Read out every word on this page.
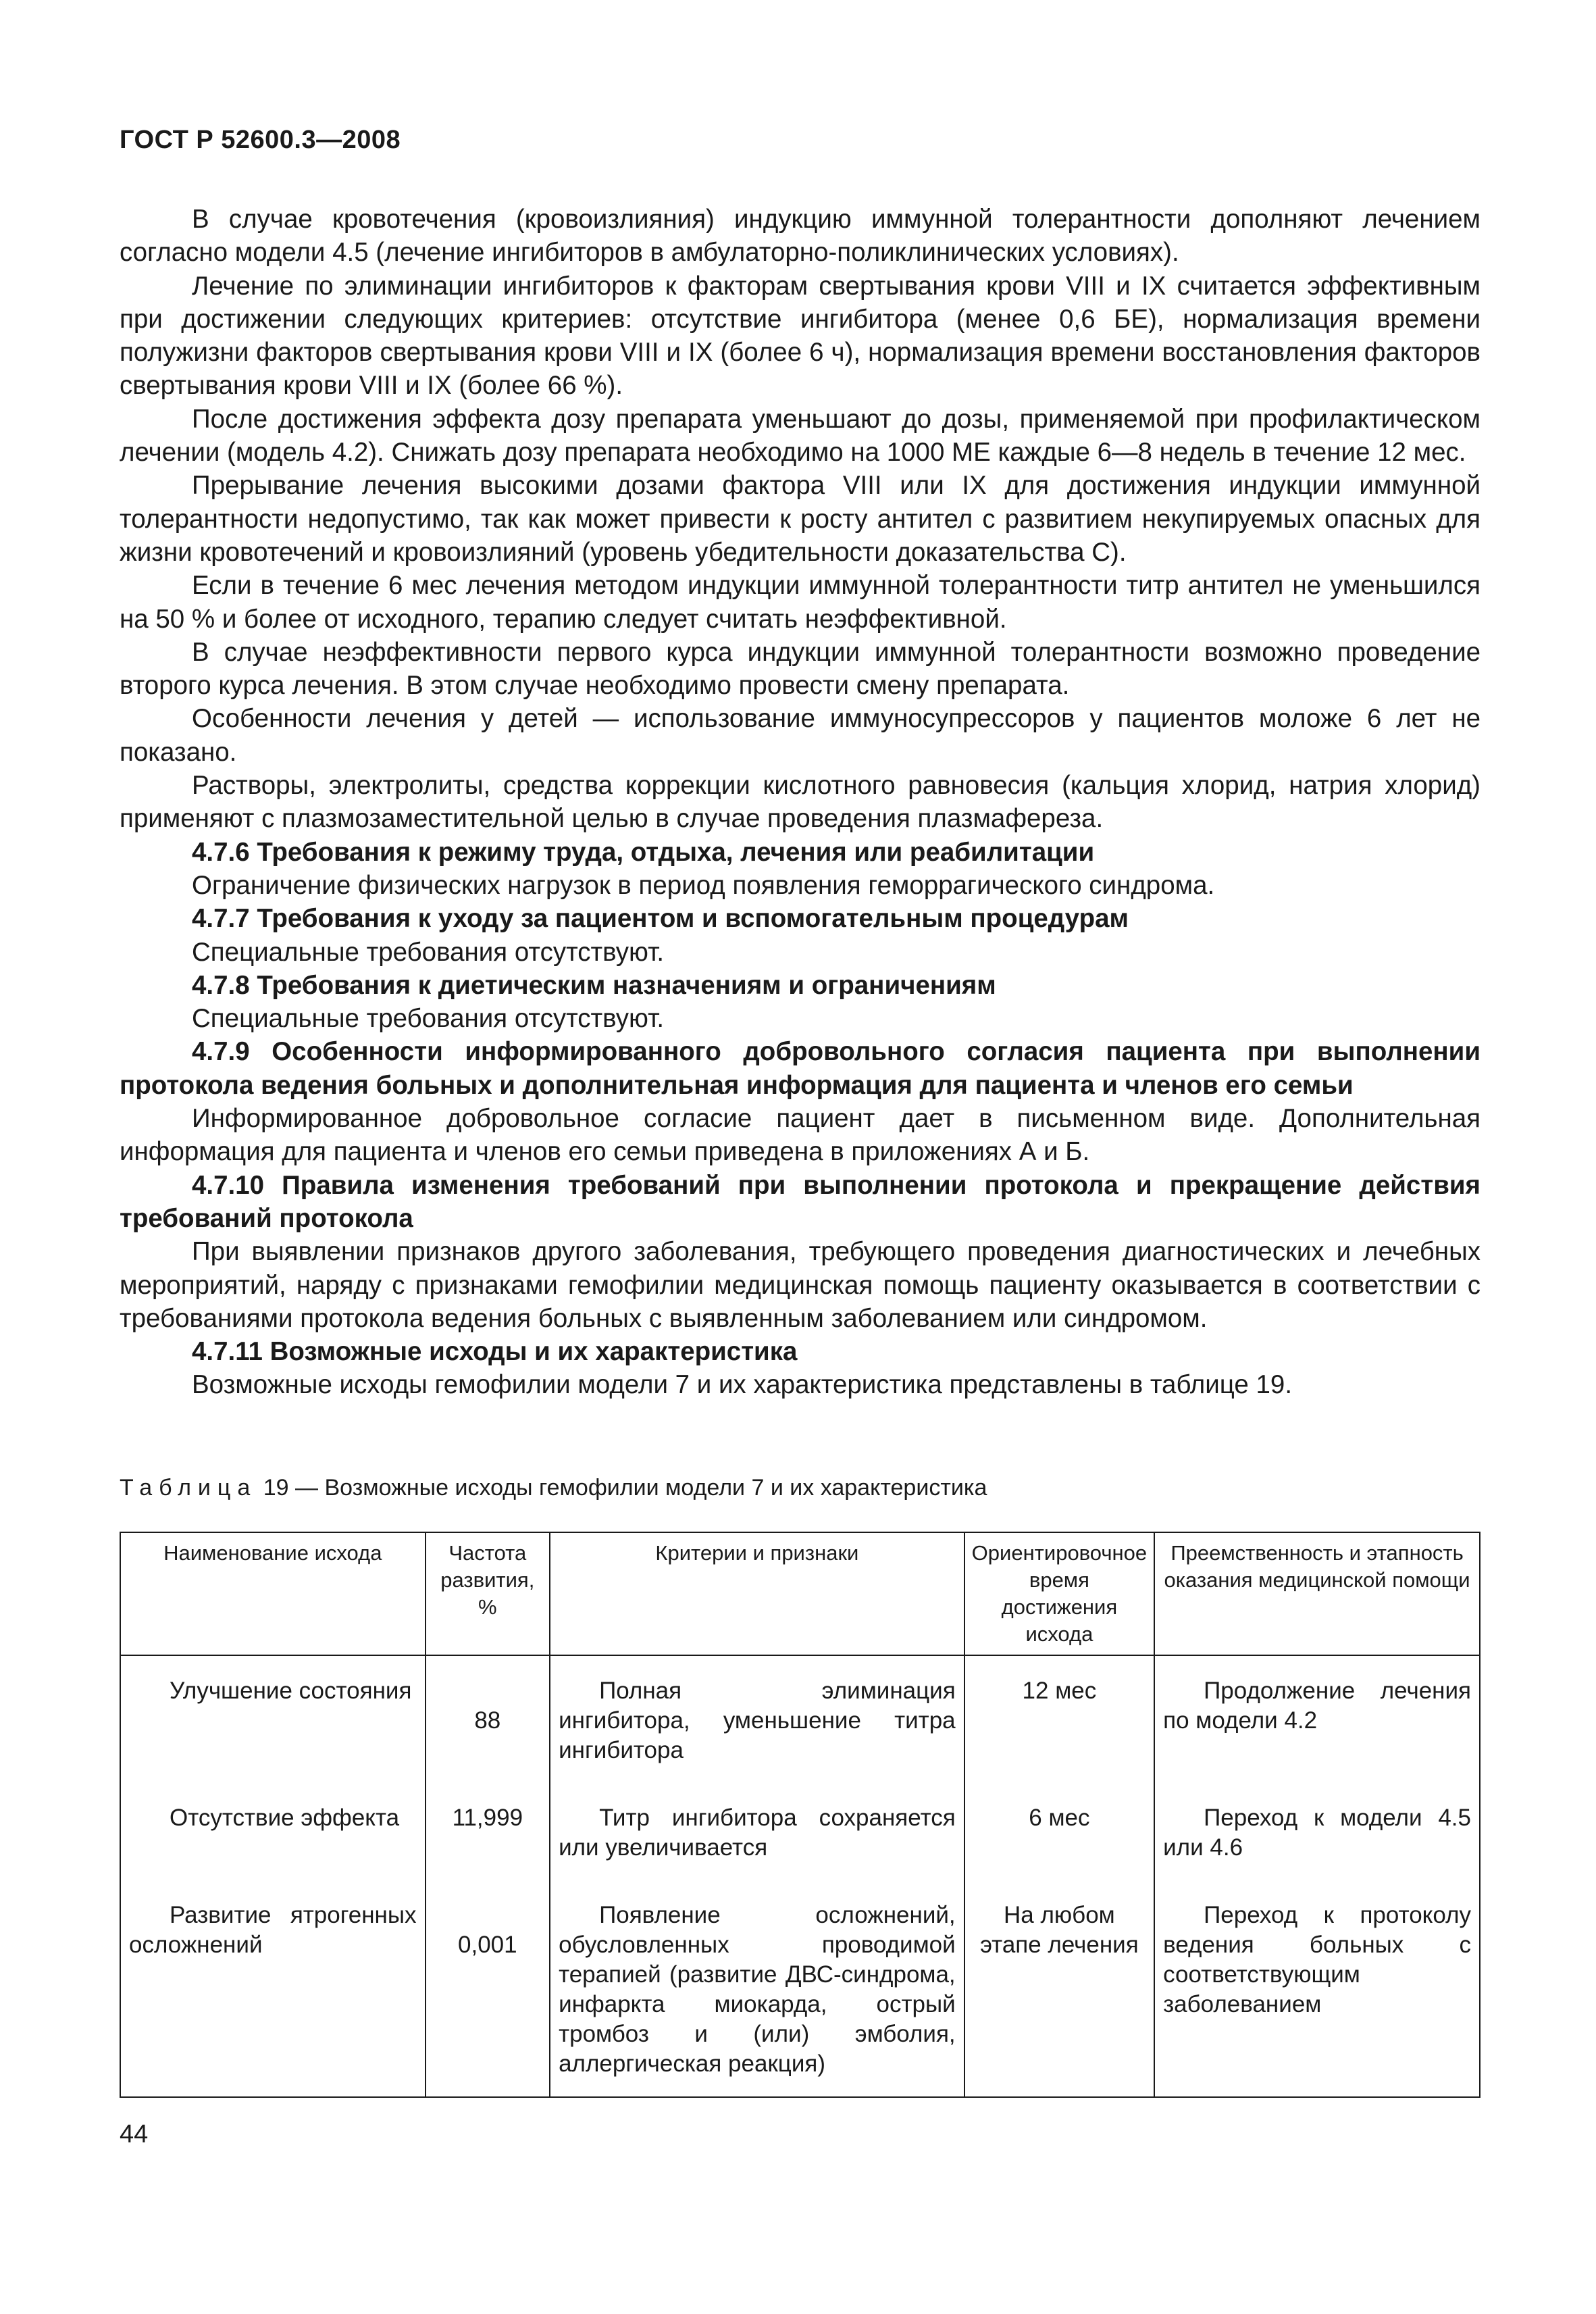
ГОСТ Р 52600.3—2008

В случае кровотечения (кровоизлияния) индукцию иммунной толерантности дополняют лечением согласно модели 4.5 (лечение ингибиторов в амбулаторно-поликлинических условиях).

Лечение по элиминации ингибиторов к факторам свертывания крови VIII и IX считается эффективным при достижении следующих критериев: отсутствие ингибитора (менее 0,6 БЕ), нормализация времени полужизни факторов свертывания крови VIII и IX (более 6 ч), нормализация времени восстановления факторов свертывания крови VIII и IX (более 66 %).

После достижения эффекта дозу препарата уменьшают до дозы, применяемой при профилактическом лечении (модель 4.2). Снижать дозу препарата необходимо на 1000 МЕ каждые 6—8 недель в течение 12 мес.

Прерывание лечения высокими дозами фактора VIII или IX для достижения индукции иммунной толерантности недопустимо, так как может привести к росту антител с развитием некупируемых опасных для жизни кровотечений и кровоизлияний (уровень убедительности доказательства С).

Если в течение 6 мес лечения методом индукции иммунной толерантности титр антител не уменьшился на 50 % и более от исходного, терапию следует считать неэффективной.

В случае неэффективности первого курса индукции иммунной толерантности возможно проведение второго курса лечения. В этом случае необходимо провести смену препарата.

Особенности лечения у детей — использование иммуносупрессоров у пациентов моложе 6 лет не показано.

Растворы, электролиты, средства коррекции кислотного равновесия (кальция хлорид, натрия хлорид) применяют с плазмозаместительной целью в случае проведения плазмафереза.

4.7.6 Требования к режиму труда, отдыха, лечения или реабилитации

Ограничение физических нагрузок в период появления геморрагического синдрома.

4.7.7 Требования к уходу за пациентом и вспомогательным процедурам

Специальные требования отсутствуют.

4.7.8 Требования к диетическим назначениям и ограничениям

Специальные требования отсутствуют.

4.7.9 Особенности информированного добровольного согласия пациента при выполнении протокола ведения больных и дополнительная информация для пациента и членов его семьи

Информированное добровольное согласие пациент дает в письменном виде. Дополнительная информация для пациента и членов его семьи приведена в приложениях А и Б.

4.7.10 Правила изменения требований при выполнении протокола и прекращение действия требований протокола

При выявлении признаков другого заболевания, требующего проведения диагностических и лечебных мероприятий, наряду с признаками гемофилии медицинская помощь пациенту оказывается в соответствии с требованиями протокола ведения больных с выявленным заболеванием или синдромом.

4.7.11 Возможные исходы и их характеристика

Возможные исходы гемофилии модели 7 и их характеристика представлены в таблице 19.

Таблица 19 — Возможные исходы гемофилии модели 7 и их характеристика
Наименование исхода	Частота развития, %	Критерии и признаки	Ориентировочное время достижения исхода	Преемственность и этапность оказания медицинской помощи
Улучшение состояния	88	Полная элиминация ингибитора, уменьшение титра ингибитора	12 мес	Продолжение лечения по модели 4.2
Отсутствие эффекта	11,999	Титр ингибитора сохраняется или увеличивается	6 мес	Переход к модели 4.5 или 4.6
Развитие ятрогенных осложнений	0,001	Появление осложнений, обусловленных проводимой терапией (развитие ДВС-синдрома, инфаркта миокарда, острый тромбоз и (или) эмболия, аллергическая реакция)	На любом этапе лечения	Переход к протоколу ведения больных с соответствующим заболеванием
44
